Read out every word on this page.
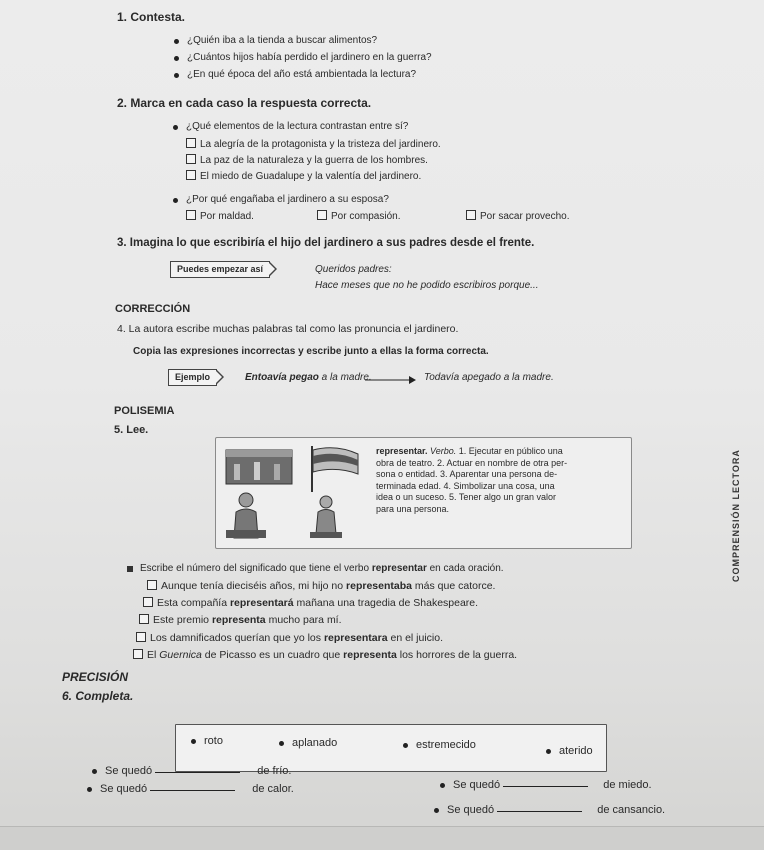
1. Contesta.
¿Quién iba a la tienda a buscar alimentos?
¿Cuántos hijos había perdido el jardinero en la guerra?
¿En qué época del año está ambientada la lectura?
2. Marca en cada caso la respuesta correcta.
¿Qué elementos de la lectura contrastan entre sí?
La alegría de la protagonista y la tristeza del jardinero.
La paz de la naturaleza y la guerra de los hombres.
El miedo de Guadalupe y la valentía del jardinero.
¿Por qué engañaba el jardinero a su esposa?
Por maldad.	Por compasión.	Por sacar provecho.
3. Imagina lo que escribiría el hijo del jardinero a sus padres desde el frente.
Puedes empezar así	Queridos padres:
Hace meses que no he podido escribiros porque...
CORRECCIÓN
4. La autora escribe muchas palabras tal como las pronuncia el jardinero.
Copia las expresiones incorrectas y escribe junto a ellas la forma correcta.
Ejemplo	Entoavía pegao a la madre.	Todavía apegado a la madre.
POLISEMIA
5. Lee.
representar. Verbo. 1. Ejecutar en público una
obra de teatro. 2. Actuar en nombre de otra per-
sona o entidad. 3. Aparentar una persona de-
terminada edad. 4. Simbolizar una cosa, una
idea o un suceso. 5. Tener algo un gran valor
para una persona.
Escribe el número del significado que tiene el verbo representar en cada oración.
Aunque tenía dieciséis años, mi hijo no representaba más que catorce.
Esta compañía representará mañana una tragedia de Shakespeare.
Este premio representa mucho para mí.
Los damnificados querían que yo los representara en el juicio.
El Guernica de Picasso es un cuadro que representa los horrores de la guerra.
PRECISIÓN
6. Completa.
roto	aplanado	estremecido	aterido
Se quedó	de frío.
Se quedó	de calor.	Se quedó	de miedo.
Se quedó	de cansancio.
COMPRENSIÓN LECTORA
